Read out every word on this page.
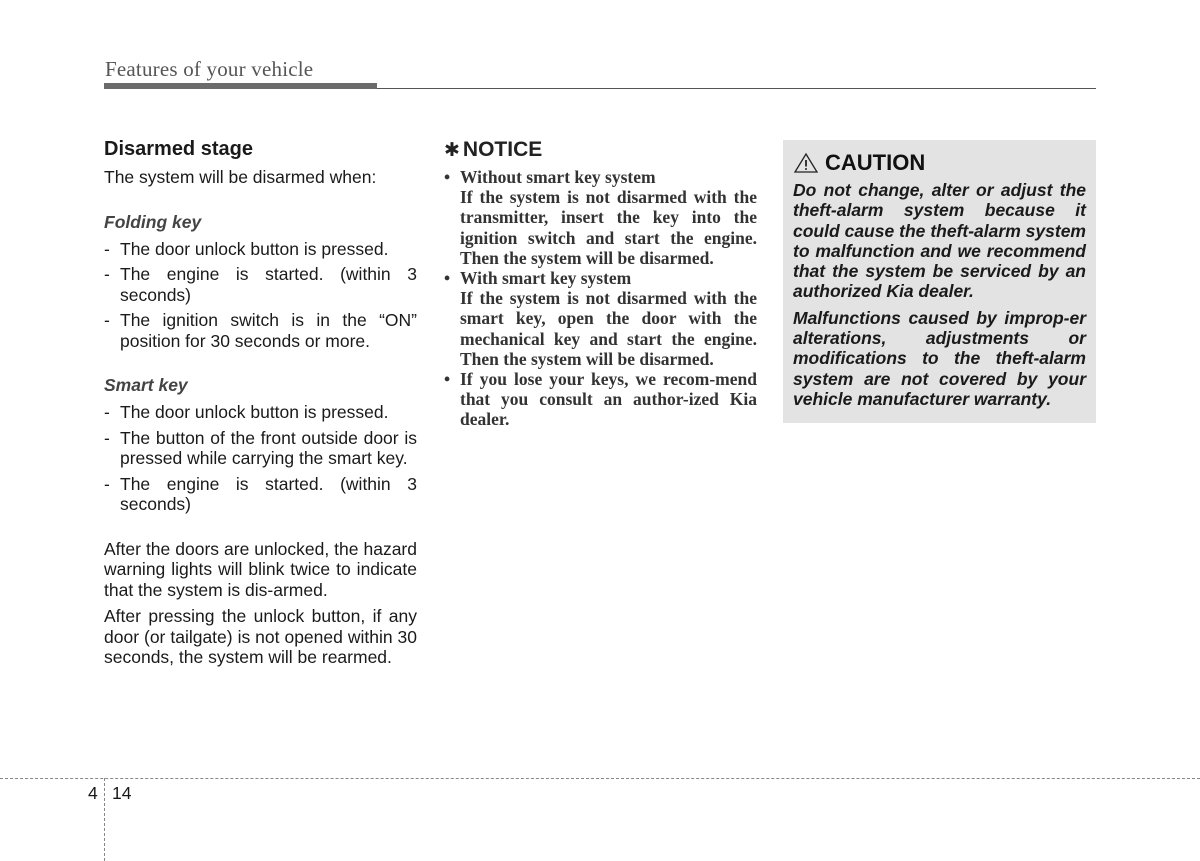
Features of your vehicle
Disarmed stage
The system will be disarmed when:
Folding key
- The door unlock button is pressed.
- The engine is started. (within 3 seconds)
- The ignition switch is in the “ON” position for 30 seconds or more.
Smart key
- The door unlock button is pressed.
- The button of the front outside door is pressed while carrying the smart key.
- The engine is started. (within 3 seconds)
After the doors are unlocked, the hazard warning lights will blink twice to indicate that the system is dis-armed.
After pressing the unlock button, if any door (or tailgate) is not opened within 30 seconds, the system will be rearmed.
✱ NOTICE
• Without smart key system
If the system is not disarmed with the transmitter, insert the key into the ignition switch and start the engine. Then the system will be disarmed.
• With smart key system
If the system is not disarmed with the smart key, open the door with the mechanical key and start the engine. Then the system will be disarmed.
• If you lose your keys, we recom-mend that you consult an author-ized Kia dealer.
CAUTION
Do not change, alter or adjust the theft-alarm system because it could cause the theft-alarm system to malfunction and we recommend that the system be serviced by an authorized Kia dealer.
Malfunctions caused by improp-er alterations, adjustments or modifications to the theft-alarm system are not covered by your vehicle manufacturer warranty.
4 14
